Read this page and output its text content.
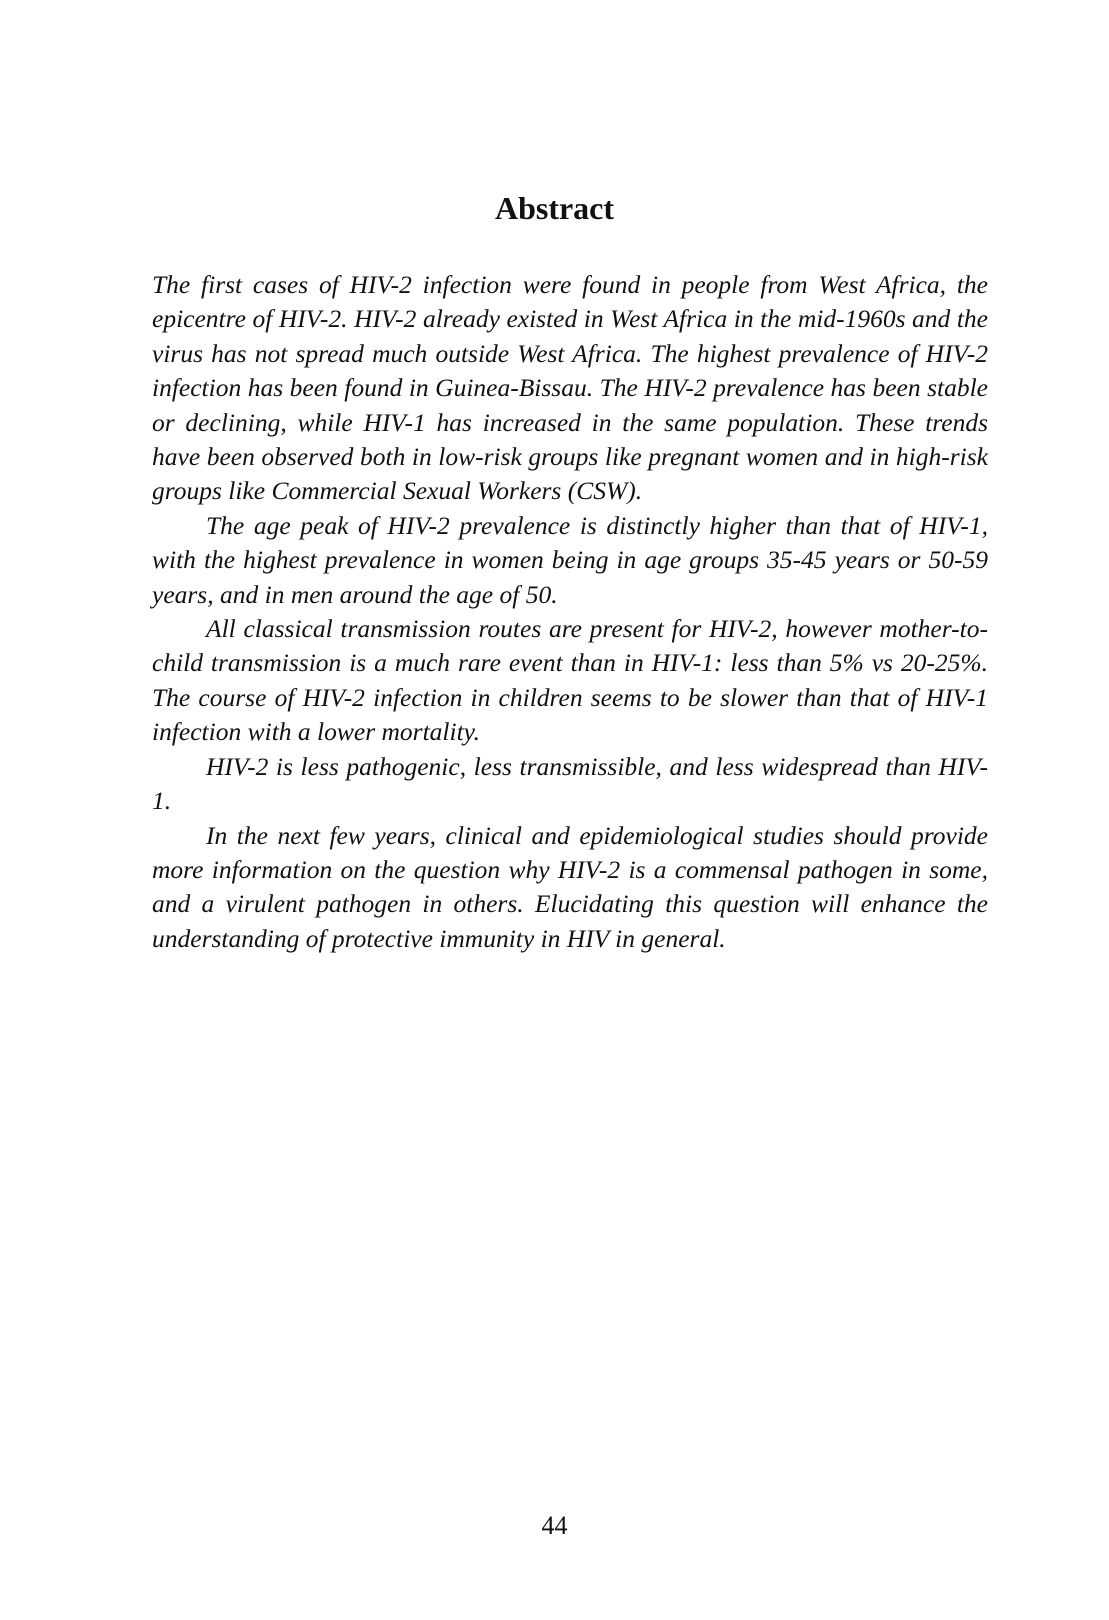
Abstract

The first cases of HIV-2 infection were found in people from West Africa, the epicentre of HIV-2. HIV-2 already existed in West Africa in the mid-1960s and the virus has not spread much outside West Africa. The highest prevalence of HIV-2 infection has been found in Guinea-Bissau. The HIV-2 prevalence has been stable or declining, while HIV-1 has increased in the same population. These trends have been observed both in low-risk groups like pregnant women and in high-risk groups like Commercial Sexual Workers (CSW).

The age peak of HIV-2 prevalence is distinctly higher than that of HIV-1, with the highest prevalence in women being in age groups 35-45 years or 50-59 years, and in men around the age of 50.

All classical transmission routes are present for HIV-2, however mother-to-child transmission is a much rare event than in HIV-1: less than 5% vs 20-25%. The course of HIV-2 infection in children seems to be slower than that of HIV-1 infection with a lower mortality.

HIV-2 is less pathogenic, less transmissible, and less widespread than HIV-1.

In the next few years, clinical and epidemiological studies should provide more information on the question why HIV-2 is a commensal pathogen in some, and a virulent pathogen in others. Elucidating this question will enhance the understanding of protective immunity in HIV in general.

44
